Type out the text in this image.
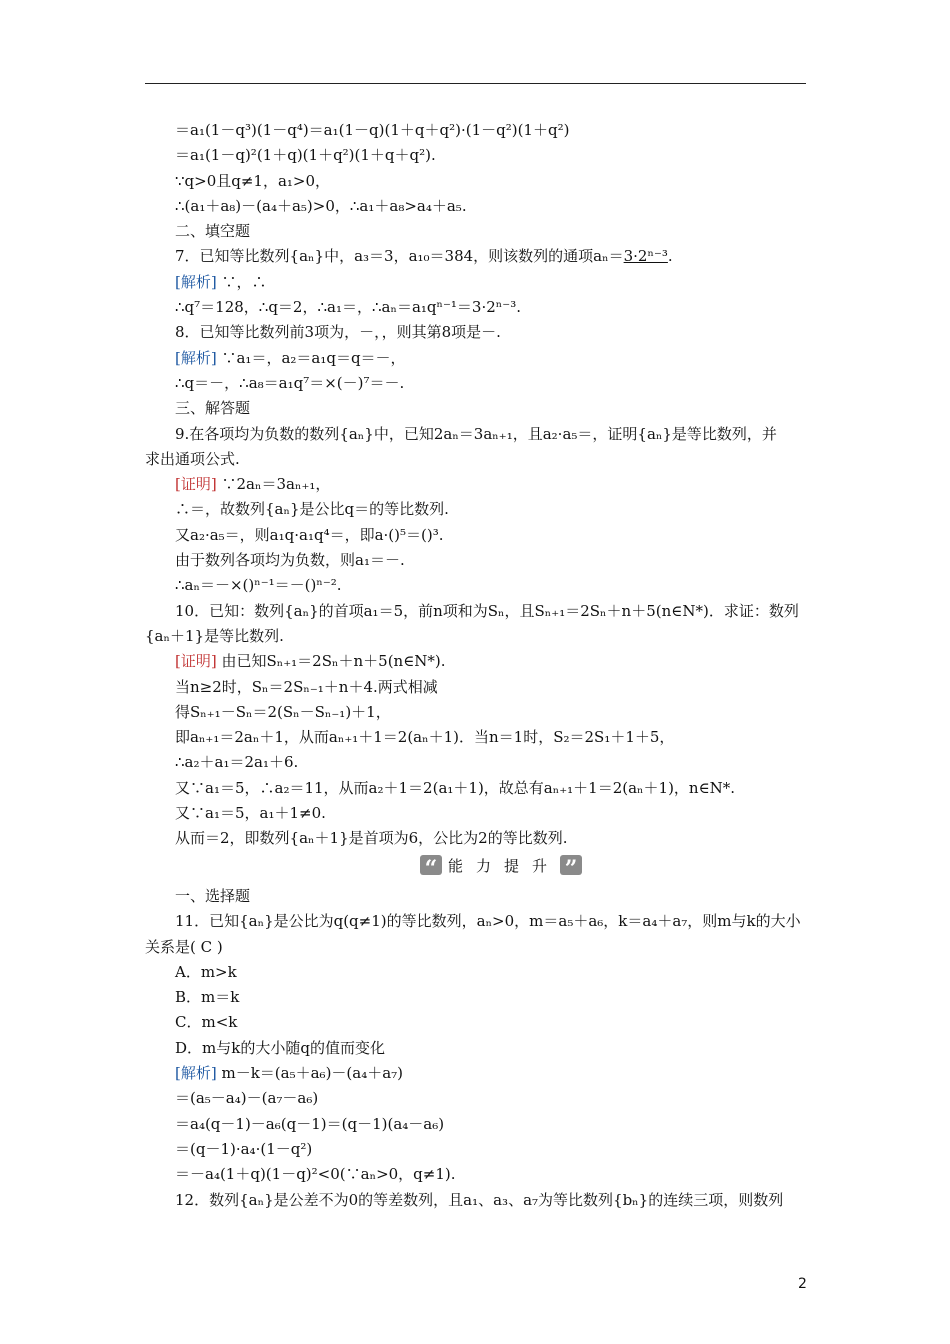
＝a₁(1－q³)(1－q⁴)＝a₁(1－q)(1＋q＋q²)·(1－q²)(1＋q²)
＝a₁(1－q)²(1＋q)(1＋q²)(1＋q＋q²).
∵q>0且q≠1，a₁>0，
∴(a₁＋a₈)－(a₄＋a₅)>0，∴a₁＋a₈>a₄＋a₅.
二、填空题
7．已知等比数列{aₙ}中，a₃＝3，a₁₀＝384，则该数列的通项aₙ＝3·2ⁿ⁻³.
[解析] ∵，∴
∴q⁷＝128，∴q＝2，∴a₁＝，∴aₙ＝a₁qⁿ⁻¹＝3·2ⁿ⁻³.
8．已知等比数列前3项为，－，，则其第8项是－.
[解析] ∵a₁＝，a₂＝a₁q＝q＝－，
∴q＝－，∴a₈＝a₁q⁷＝×(－)⁷＝－.
三、解答题
9.在各项均为负数的数列{aₙ}中，已知2aₙ＝3aₙ₊₁，且a₂·a₅＝，证明{aₙ}是等比数列，并
求出通项公式.
[证明] ∵2aₙ＝3aₙ₊₁，
∴＝，故数列{aₙ}是公比q＝的等比数列.
又a₂·a₅＝，则a₁q·a₁q⁴＝，即a·()⁵＝()³.
由于数列各项均为负数，则a₁＝－.
∴aₙ＝－×()ⁿ⁻¹＝－()ⁿ⁻².
10．已知：数列{aₙ}的首项a₁＝5，前n项和为Sₙ，且Sₙ₊₁＝2Sₙ＋n＋5(n∈N*)．求证：数列
{aₙ＋1}是等比数列.
[证明] 由已知Sₙ₊₁＝2Sₙ＋n＋5(n∈N*).
当n≥2时，Sₙ＝2Sₙ₋₁＋n＋4.两式相减
得Sₙ₊₁－Sₙ＝2(Sₙ－Sₙ₋₁)＋1，
即aₙ₊₁＝2aₙ＋1，从而aₙ₊₁＋1＝2(aₙ＋1)．当n＝1时，S₂＝2S₁＋1＋5，
∴a₂＋a₁＝2a₁＋6.
又∵a₁＝5，∴a₂＝11，从而a₂＋1＝2(a₁＋1)，故总有aₙ₊₁＋1＝2(aₙ＋1)，n∈N*.
又∵a₁＝5，a₁＋1≠0.
从而＝2，即数列{aₙ＋1}是首项为6，公比为2的等比数列.
“ 能力提升 ”
一、选择题
11．已知{aₙ}是公比为q(q≠1)的等比数列，aₙ>0，m＝a₅＋a₆，k＝a₄＋a₇，则m与k的大小
关系是( C )
A．m>k
B．m＝k
C．m<k
D．m与k的大小随q的值而变化
[解析] m－k＝(a₅＋a₆)－(a₄＋a₇)
＝(a₅－a₄)－(a₇－a₆)
＝a₄(q－1)－a₆(q－1)＝(q－1)(a₄－a₆)
＝(q－1)·a₄·(1－q²)
＝－a₄(1＋q)(1－q)²<0(∵aₙ>0，q≠1).
12．数列{aₙ}是公差不为0的等差数列，且a₁、a₃、a₇为等比数列{bₙ}的连续三项，则数列
2
